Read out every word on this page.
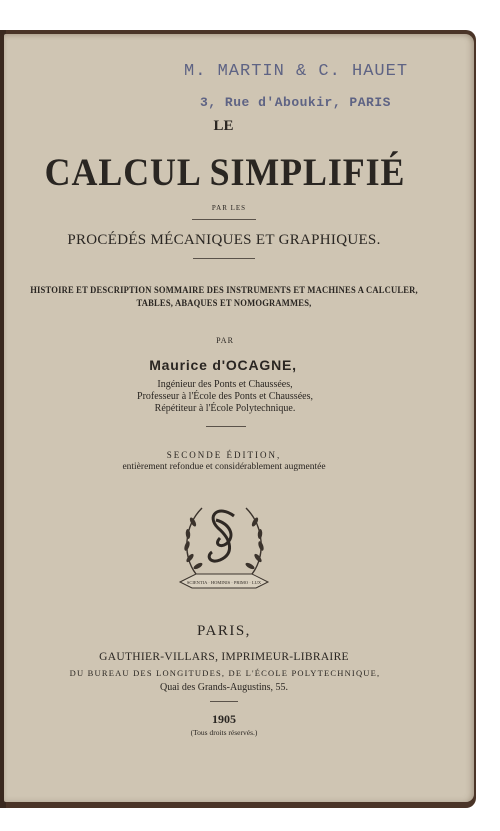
M. MARTIN & C. HAUET
3, Rue d'Aboukir, PARIS
LE
CALCUL SIMPLIFIÉ
PAR LES
PROCÉDÉS MÉCANIQUES ET GRAPHIQUES.
HISTOIRE ET DESCRIPTION SOMMAIRE DES INSTRUMENTS ET MACHINES A CALCULER,
TABLES, ABAQUES ET NOMOGRAMMES,
PAR
Maurice d'OCAGNE,
Ingénieur des Ponts et Chaussées,
Professeur à l'École des Ponts et Chaussées,
Répétiteur à l'École Polytechnique.
SECONDE ÉDITION,
entièrement refondue et considérablement augmentée
SCIENTIA · HOMINIS · PRIMO · LUX
PARIS,
GAUTHIER-VILLARS, IMPRIMEUR-LIBRAIRE
DU BUREAU DES LONGITUDES, DE L'ÉCOLE POLYTECHNIQUE,
Quai des Grands-Augustins, 55.
1905
(Tous droits réservés.)
